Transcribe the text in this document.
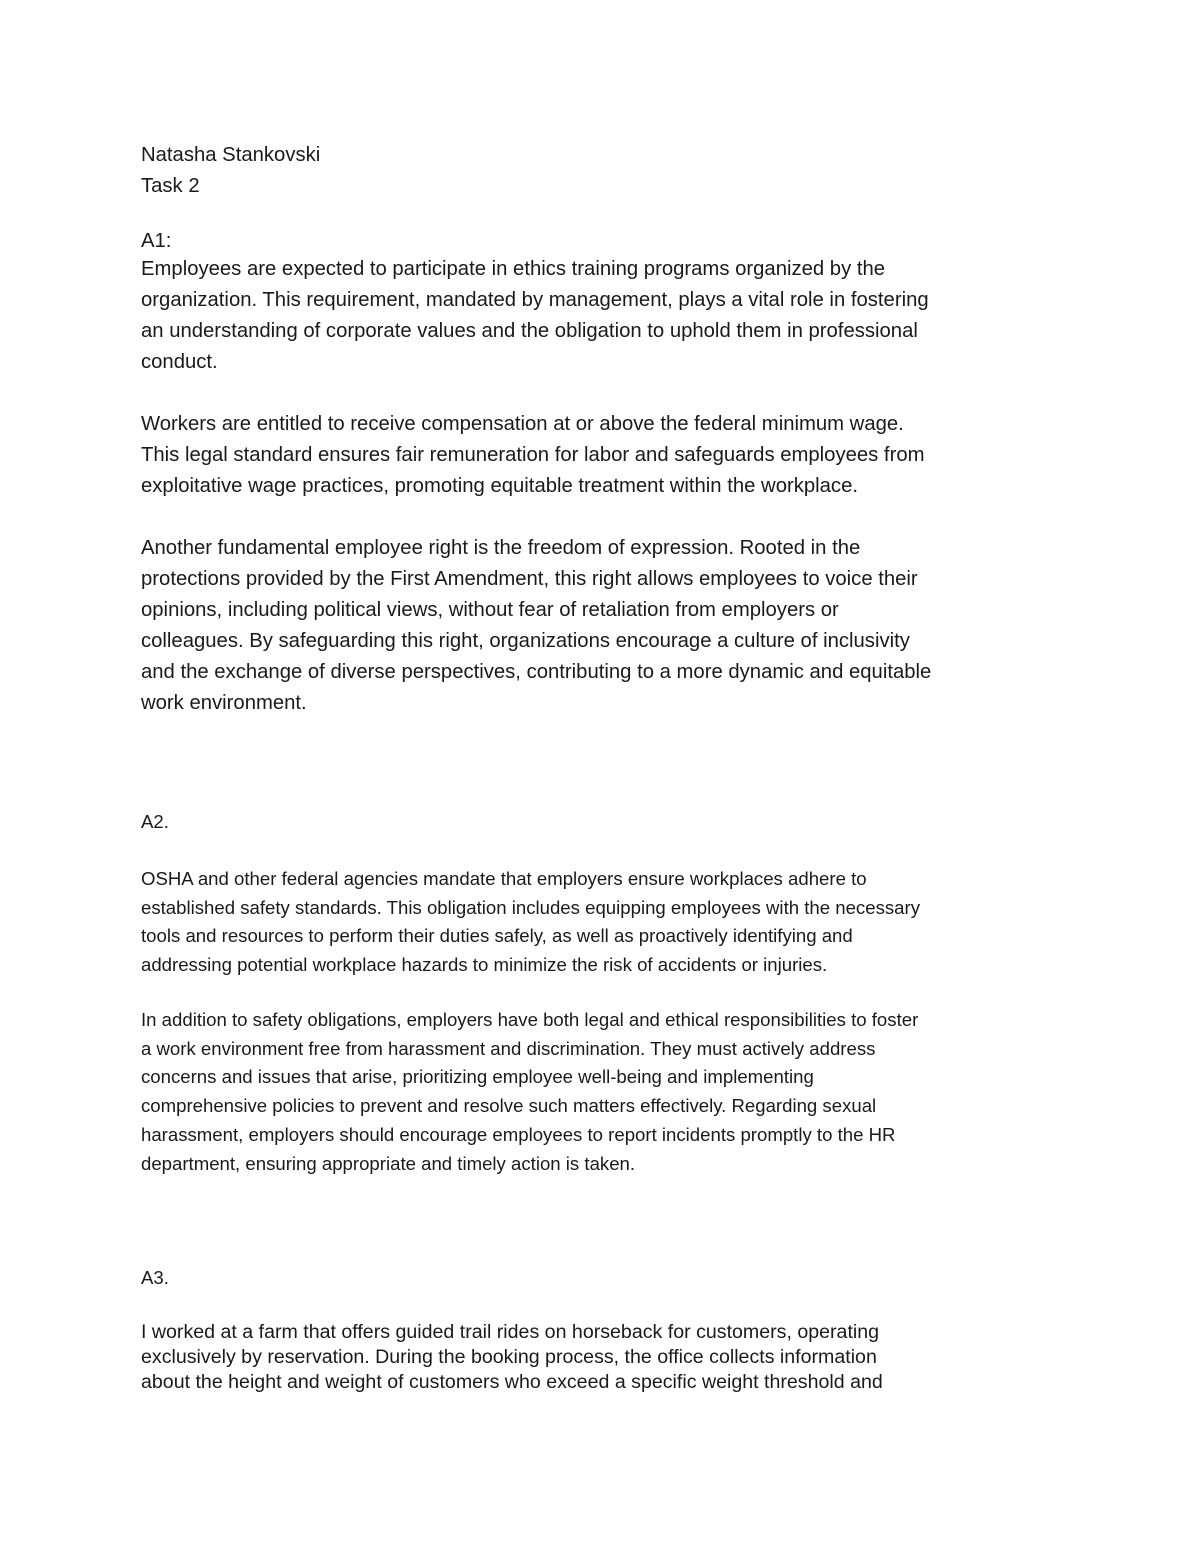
Natasha Stankovski
Task 2
A1:
Employees are expected to participate in ethics training programs organized by the
organization. This requirement, mandated by management, plays a vital role in fostering
an understanding of corporate values and the obligation to uphold them in professional
conduct.
Workers are entitled to receive compensation at or above the federal minimum wage.
This legal standard ensures fair remuneration for labor and safeguards employees from
exploitative wage practices, promoting equitable treatment within the workplace.
Another fundamental employee right is the freedom of expression. Rooted in the
protections provided by the First Amendment, this right allows employees to voice their
opinions, including political views, without fear of retaliation from employers or
colleagues. By safeguarding this right, organizations encourage a culture of inclusivity
and the exchange of diverse perspectives, contributing to a more dynamic and equitable
work environment.
A2.
OSHA and other federal agencies mandate that employers ensure workplaces adhere to
established safety standards. This obligation includes equipping employees with the necessary
tools and resources to perform their duties safely, as well as proactively identifying and
addressing potential workplace hazards to minimize the risk of accidents or injuries.
In addition to safety obligations, employers have both legal and ethical responsibilities to foster
a work environment free from harassment and discrimination. They must actively address
concerns and issues that arise, prioritizing employee well-being and implementing
comprehensive policies to prevent and resolve such matters effectively. Regarding sexual
harassment, employers should encourage employees to report incidents promptly to the HR
department, ensuring appropriate and timely action is taken.
A3.
I worked at a farm that offers guided trail rides on horseback for customers, operating
exclusively by reservation. During the booking process, the office collects information
about the height and weight of customers who exceed a specific weight threshold and
